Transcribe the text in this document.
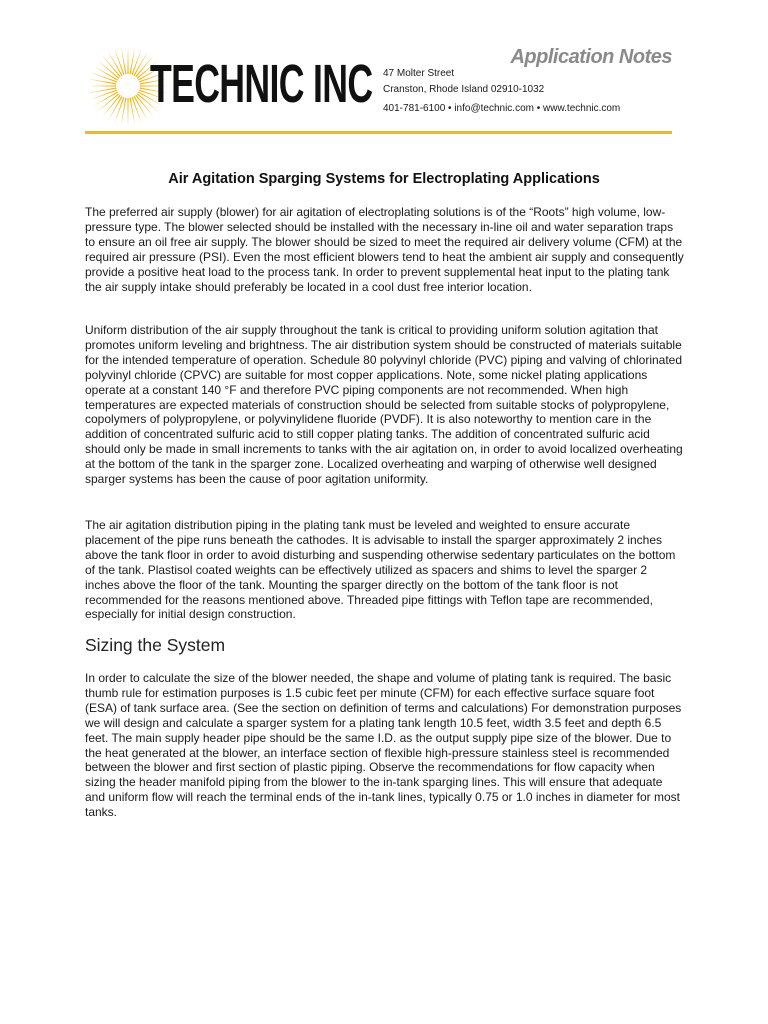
TECHNIC INC	Application Notes
47 Molter Street
Cranston, Rhode Island 02910-1032
401-781-6100 • info@technic.com • www.technic.com
Air Agitation Sparging Systems for Electroplating Applications

The preferred air supply (blower) for air agitation of electroplating solutions is of the “Roots” high volume, low-pressure type. The blower selected should be installed with the necessary in-line oil and water separation traps to ensure an oil free air supply. The blower should be sized to meet the required air delivery volume (CFM) at the required air pressure (PSI). Even the most efficient blowers tend to heat the ambient air supply and consequently provide a positive heat load to the process tank. In order to prevent supplemental heat input to the plating tank the air supply intake should preferably be located in a cool dust free interior location.

Uniform distribution of the air supply throughout the tank is critical to providing uniform solution agitation that promotes uniform leveling and brightness. The air distribution system should be constructed of materials suitable for the intended temperature of operation. Schedule 80 polyvinyl chloride (PVC) piping and valving of chlorinated polyvinyl chloride (CPVC) are suitable for most copper applications. Note, some nickel plating applications operate at a constant 140 °F and therefore PVC piping components are not recommended. When high temperatures are expected materials of construction should be selected from suitable stocks of polypropylene, copolymers of polypropylene, or polyvinylidene fluoride (PVDF). It is also noteworthy to mention care in the addition of concentrated sulfuric acid to still copper plating tanks. The addition of concentrated sulfuric acid should only be made in small increments to tanks with the air agitation on, in order to avoid localized overheating at the bottom of the tank in the sparger zone. Localized overheating and warping of otherwise well designed sparger systems has been the cause of poor agitation uniformity.

The air agitation distribution piping in the plating tank must be leveled and weighted to ensure accurate placement of the pipe runs beneath the cathodes. It is advisable to install the sparger approximately 2 inches above the tank floor in order to avoid disturbing and suspending otherwise sedentary particulates on the bottom of the tank. Plastisol coated weights can be effectively utilized as spacers and shims to level the sparger 2 inches above the floor of the tank. Mounting the sparger directly on the bottom of the tank floor is not recommended for the reasons mentioned above. Threaded pipe fittings with Teflon tape are recommended, especially for initial design construction.

Sizing the System

In order to calculate the size of the blower needed, the shape and volume of plating tank is required. The basic thumb rule for estimation purposes is 1.5 cubic feet per minute (CFM) for each effective surface square foot (ESA) of tank surface area. (See the section on definition of terms and calculations) For demonstration purposes we will design and calculate a sparger system for a plating tank length 10.5 feet, width 3.5 feet and depth 6.5 feet. The main supply header pipe should be the same I.D. as the output supply pipe size of the blower. Due to the heat generated at the blower, an interface section of flexible high-pressure stainless steel is recommended between the blower and first section of plastic piping. Observe the recommendations for flow capacity when sizing the header manifold piping from the blower to the in-tank sparging lines. This will ensure that adequate and uniform flow will reach the terminal ends of the in-tank lines, typically 0.75 or 1.0 inches in diameter for most tanks.
